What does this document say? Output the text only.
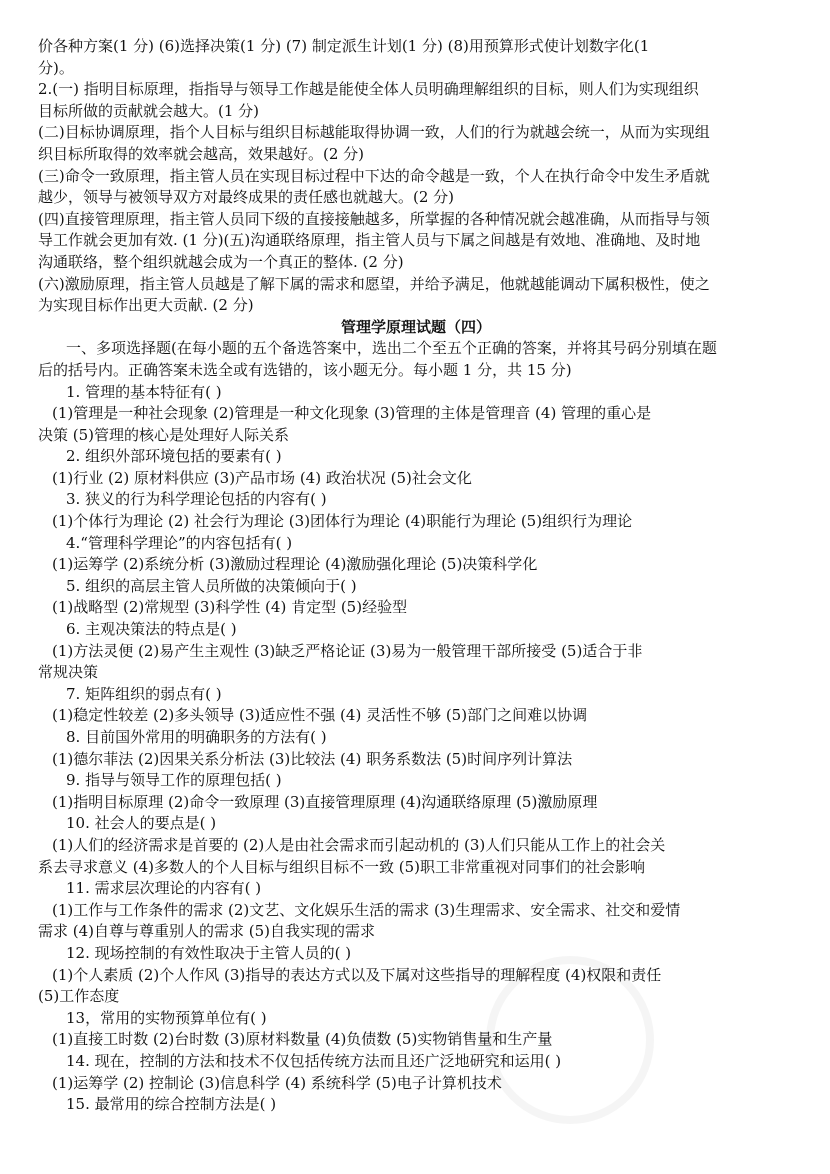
价各种方案(1 分) (6)选择决策(1 分) (7) 制定派生计划(1 分) (8)用预算形式使计划数字化(1
分)。

2.(一) 指明目标原理，指指导与领导工作越是能使全体人员明确理解组织的目标，则人们为实现组织
目标所做的贡献就会越大。(1 分)

(二)目标协调原理，指个人目标与组织目标越能取得协调一致，人们的行为就越会统一，从而为实现组
织目标所取得的效率就会越高，效果越好。(2 分)

(三)命令一致原理，指主管人员在实现目标过程中下达的命令越是一致，个人在执行命令中发生矛盾就
越少，领导与被领导双方对最终成果的责任感也就越大。(2 分)

(四)直接管理原理，指主管人员同下级的直接接触越多，所掌握的各种情况就会越准确，从而指导与领
导工作就会更加有效. (1 分)(五)沟通联络原理，指主管人员与下属之间越是有效地、准确地、及时地
沟通联络，整个组织就越会成为一个真正的整体. (2 分)

(六)激励原理，指主管人员越是了解下属的需求和愿望，并给予满足，他就越能调动下属积极性，使之
为实现目标作出更大贡献. (2 分)

管理学原理试题（四）

一、多项选择题(在每小题的五个备选答案中，选出二个至五个正确的答案，并将其号码分别填在题
后的括号内。正确答案未选全或有选错的，该小题无分。每小题 1 分，共 15 分)

1. 管理的基本特征有( )

(1)管理是一种社会现象 (2)管理是一种文化现象 (3)管理的主体是管理音 (4) 管理的重心是
决策 (5)管理的核心是处理好人际关系

2. 组织外部环境包括的要素有( )

(1)行业 (2) 原材料供应 (3)产品市场 (4) 政治状况 (5)社会文化

3. 狭义的行为科学理论包括的内容有( )

(1)个体行为理论 (2) 社会行为理论 (3)团体行为理论 (4)职能行为理论 (5)组织行为理论

4.“管理科学理论”的内容包括有( )

(1)运筹学 (2)系统分析 (3)激励过程理论 (4)激励强化理论 (5)决策科学化

5. 组织的高层主管人员所做的决策倾向于( )

(1)战略型 (2)常规型 (3)科学性 (4) 肯定型 (5)经验型

6. 主观决策法的特点是( )

(1)方法灵便 (2)易产生主观性 (3)缺乏严格论证 (3)易为一般管理干部所接受 (5)适合于非
常规决策

7. 矩阵组织的弱点有( )

(1)稳定性较差 (2)多头领导 (3)适应性不强 (4) 灵活性不够 (5)部门之间难以协调

8. 目前国外常用的明确职务的方法有( )

(1)德尔菲法 (2)因果关系分析法 (3)比较法 (4) 职务系数法 (5)时间序列计算法

9. 指导与领导工作的原理包括( )

(1)指明目标原理 (2)命令一致原理 (3)直接管理原理 (4)沟通联络原理 (5)激励原理

10. 社会人的要点是( )

(1)人们的经济需求是首要的 (2)人是由社会需求而引起动机的 (3)人们只能从工作上的社会关
系去寻求意义 (4)多数人的个人目标与组织目标不一致 (5)职工非常重视对同事们的社会影响

11. 需求层次理论的内容有( )

(1)工作与工作条件的需求 (2)文艺、文化娱乐生活的需求 (3)生理需求、安全需求、社交和爱情
需求 (4)自尊与尊重别人的需求 (5)自我实现的需求

12. 现场控制的有效性取决于主管人员的( )

(1)个人素质 (2)个人作风 (3)指导的表达方式以及下属对这些指导的理解程度 (4)权限和责任
(5)工作态度

13，常用的实物预算单位有( )

(1)直接工时数 (2)台时数 (3)原材料数量 (4)负债数 (5)实物销售量和生产量

14. 现在，控制的方法和技术不仅包括传统方法而且还广泛地研究和运用( )

(1)运筹学 (2) 控制论 (3)信息科学 (4) 系统科学 (5)电子计算机技术

15. 最常用的综合控制方法是( )
